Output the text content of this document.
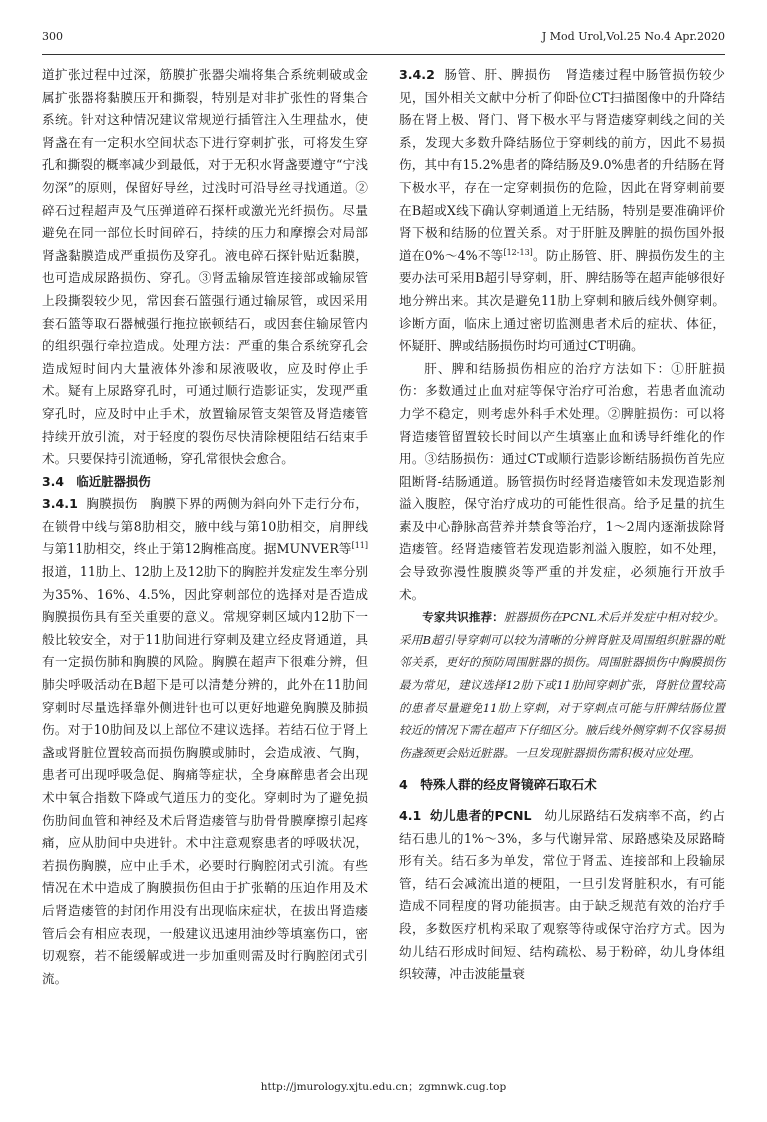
300	J Mod Urol,Vol.25 No.4 Apr.2020

道扩张过程中过深，筋膜扩张器尖端将集合系统刺破或金属扩张器将黏膜压开和撕裂，特别是对非扩张性的肾集合系统。针对这种情况建议常规逆行插管注入生理盐水，使肾盏在有一定积水空间状态下进行穿刺扩张，可将发生穿孔和撕裂的概率减少到最低，对于无积水肾盏要遵守“宁浅勿深”的原则，保留好导丝，过浅时可沿导丝寻找通道。②碎石过程超声及气压弹道碎石探杆或激光光纤损伤。尽量避免在同一部位长时间碎石，持续的压力和摩擦会对局部肾盏黏膜造成严重损伤及穿孔。液电碎石探针贴近黏膜，也可造成尿路损伤、穿孔。③肾盂输尿管连接部或输尿管上段撕裂较少见，常因套石篮强行通过输尿管，或因采用套石篮等取石器械强行拖拉嵌顿结石，或因套住输尿管内的组织强行牵拉造成。处理方法：严重的集合系统穿孔会造成短时间内大量液体外渗和尿液吸收，应及时停止手术。疑有上尿路穿孔时，可通过顺行造影证实，发现严重穿孔时，应及时中止手术，放置输尿管支架管及肾造瘘管持续开放引流，对于轻度的裂伤尽快清除梗阻结石结束手术。只要保持引流通畅，穿孔常很快会愈合。

3.4　临近脏器损伤

3.4.1 胸膜损伤 胸膜下界的两侧为斜向外下走行分布，在锁骨中线与第8肋相交，腋中线与第10肋相交，肩胛线与第11肋相交，终止于第12胸椎高度。据MUNVER等[11]报道，11肋上、12肋上及12肋下的胸腔并发症发生率分别为35%、16%、4.5%，因此穿刺部位的选择对是否造成胸膜损伤具有至关重要的意义。常规穿刺区域内12肋下一般比较安全，对于11肋间进行穿刺及建立经皮肾通道，具有一定损伤肺和胸膜的风险。胸膜在超声下很难分辨，但肺尖呼吸活动在B超下是可以清楚分辨的，此外在11肋间穿刺时尽量选择靠外侧进针也可以更好地避免胸膜及肺损伤。对于10肋间及以上部位不建议选择。若结石位于肾上盏或肾脏位置较高而损伤胸膜或肺时，会造成液、气胸，患者可出现呼吸急促、胸痛等症状，全身麻醉患者会出现术中氧合指数下降或气道压力的变化。穿刺时为了避免损伤肋间血管和神经及术后肾造瘘管与肋骨骨膜摩擦引起疼痛，应从肋间中央进针。术中注意观察患者的呼吸状况，若损伤胸膜，应中止手术，必要时行胸腔闭式引流。有些情况在术中造成了胸膜损伤但由于扩张鞘的压迫作用及术后肾造瘘管的封闭作用没有出现临床症状，在拔出肾造瘘管后会有相应表现，一般建议迅速用油纱等填塞伤口，密切观察，若不能缓解或进一步加重则需及时行胸腔闭式引流。

3.4.2 肠管、肝、脾损伤 肾造瘘过程中肠管损伤较少见，国外相关文献中分析了仰卧位CT扫描图像中的升降结肠在肾上极、肾门、肾下极水平与肾造瘘穿刺线之间的关系，发现大多数升降结肠位于穿刺线的前方，因此不易损伤，其中有15.2%患者的降结肠及9.0%患者的升结肠在肾下极水平，存在一定穿刺损伤的危险，因此在肾穿刺前要在B超或X线下确认穿刺通道上无结肠，特别是要准确评价肾下极和结肠的位置关系。对于肝脏及脾脏的损伤国外报道在0%～4%不等[12-13]。防止肠管、肝、脾损伤发生的主要办法可采用B超引导穿刺，肝、脾结肠等在超声能够很好地分辨出来。其次是避免11肋上穿刺和腋后线外侧穿刺。诊断方面，临床上通过密切监测患者术后的症状、体征，怀疑肝、脾或结肠损伤时均可通过CT明确。

肝、脾和结肠损伤相应的治疗方法如下：①肝脏损伤：多数通过止血对症等保守治疗可治愈，若患者血流动力学不稳定，则考虑外科手术处理。②脾脏损伤：可以将肾造瘘管留置较长时间以产生填塞止血和诱导纤维化的作用。③结肠损伤：通过CT或顺行造影诊断结肠损伤首先应阻断肾-结肠通道。肠管损伤时经肾造瘘管如未发现造影剂溢入腹腔，保守治疗成功的可能性很高。给予足量的抗生素及中心静脉高营养并禁食等治疗，1～2周内逐渐拔除肾造瘘管。经肾造瘘管若发现造影剂溢入腹腔，如不处理，会导致弥漫性腹膜炎等严重的并发症，必须施行开放手术。

专家共识推荐：脏器损伤在PCNL术后并发症中相对较少。采用B超引导穿刺可以较为清晰的分辨肾脏及周围组织脏器的毗邻关系，更好的预防周围脏器的损伤。周围脏器损伤中胸膜损伤最为常见，建议选择12肋下或11肋间穿刺扩张，肾脏位置较高的患者尽量避免11肋上穿刺，对于穿刺点可能与肝脾结肠位置较近的情况下需在超声下仔细区分。腋后线外侧穿刺不仅容易损伤盏颈更会贴近脏器。一旦发现脏器损伤需积极对应处理。

4　特殊人群的经皮肾镜碎石取石术

4.1 幼儿患者的PCNL 幼儿尿路结石发病率不高，约占结石患儿的1%～3%，多与代谢异常、尿路感染及尿路畸形有关。结石多为单发，常位于肾盂、连接部和上段输尿管，结石会减流出道的梗阻，一旦引发肾脏积水，有可能造成不同程度的肾功能损害。由于缺乏规范有效的治疗手段，多数医疗机构采取了观察等待或保守治疗方式。因为幼儿结石形成时间短、结构疏松、易于粉碎，幼儿身体组织较薄，冲击波能量衰

http://jmurology.xjtu.edu.cn；zgmnwk.cug.top
